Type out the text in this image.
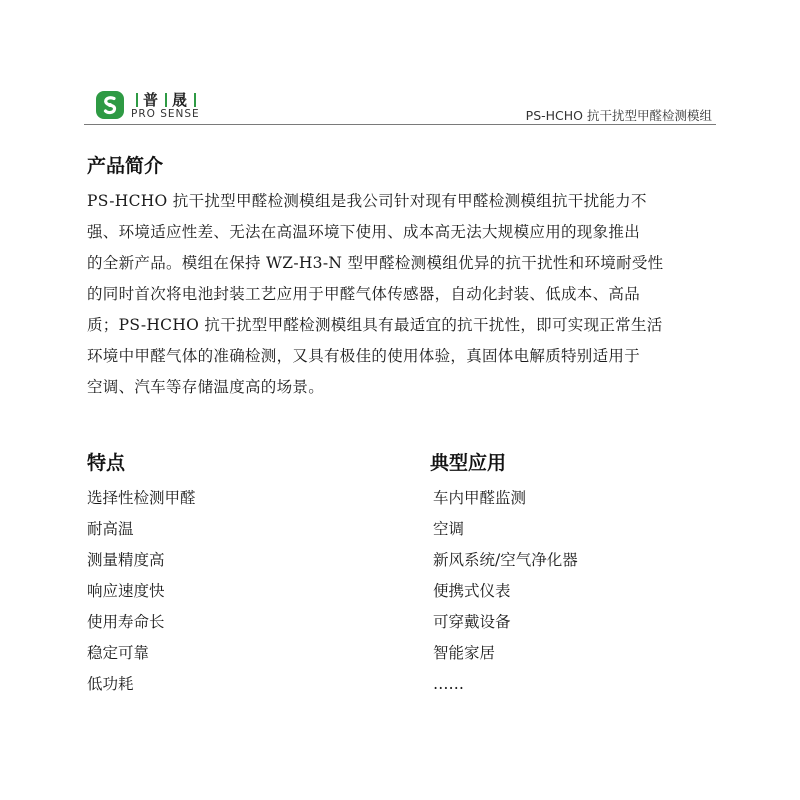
普 晟
PRO SENSE	PS-HCHO 抗干扰型甲醛检测模组
产品简介
PS-HCHO 抗干扰型甲醛检测模组是我公司针对现有甲醛检测模组抗干扰能力不
强、环境适应性差、无法在高温环境下使用、成本高无法大规模应用的现象推出
的全新产品。模组在保持 WZ-H3-N 型甲醛检测模组优异的抗干扰性和环境耐受性
的同时首次将电池封装工艺应用于甲醛气体传感器，自动化封装、低成本、高品
质；PS-HCHO 抗干扰型甲醛检测模组具有最适宜的抗干扰性，即可实现正常生活
环境中甲醛气体的准确检测，又具有极佳的使用体验，真固体电解质特别适用于
空调、汽车等存储温度高的场景。
特点
选择性检测甲醛
耐高温
测量精度高
响应速度快
使用寿命长
稳定可靠
低功耗
典型应用
车内甲醛监测
空调
新风系统/空气净化器
便携式仪表
可穿戴设备
智能家居
……
